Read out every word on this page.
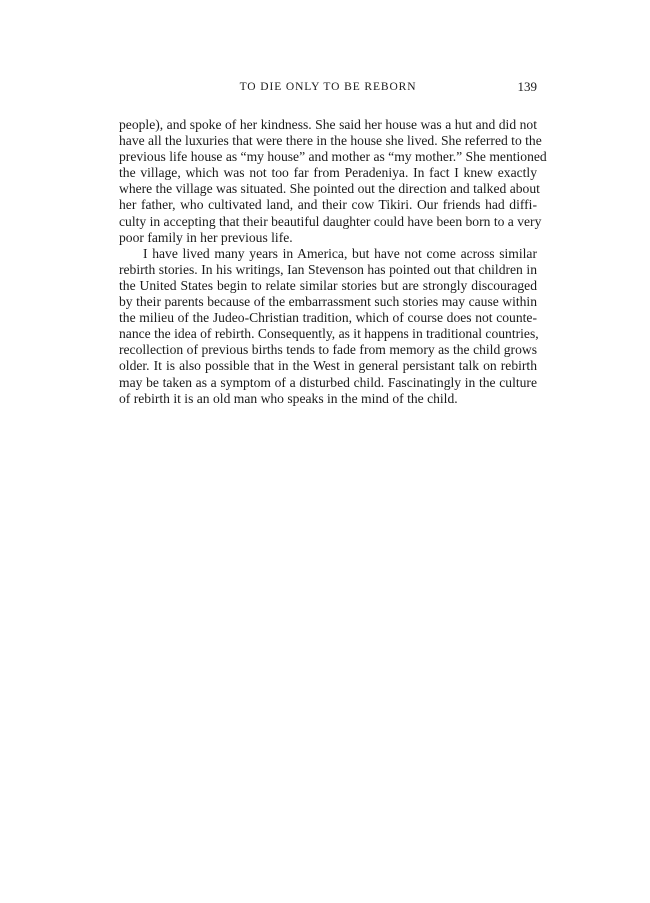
TO DIE ONLY TO BE REBORN	139
people), and spoke of her kindness. She said her house was a hut and did not
have all the luxuries that were there in the house she lived. She referred to the
previous life house as “my house” and mother as “my mother.” She mentioned
the village, which was not too far from Peradeniya. In fact I knew exactly
where the village was situated. She pointed out the direction and talked about
her father, who cultivated land, and their cow Tikiri. Our friends had diffi-
culty in accepting that their beautiful daughter could have been born to a very
poor family in her previous life.
I have lived many years in America, but have not come across similar
rebirth stories. In his writings, Ian Stevenson has pointed out that children in
the United States begin to relate similar stories but are strongly discouraged
by their parents because of the embarrassment such stories may cause within
the milieu of the Judeo-Christian tradition, which of course does not counte-
nance the idea of rebirth. Consequently, as it happens in traditional countries,
recollection of previous births tends to fade from memory as the child grows
older. It is also possible that in the West in general persistant talk on rebirth
may be taken as a symptom of a disturbed child. Fascinatingly in the culture
of rebirth it is an old man who speaks in the mind of the child.
